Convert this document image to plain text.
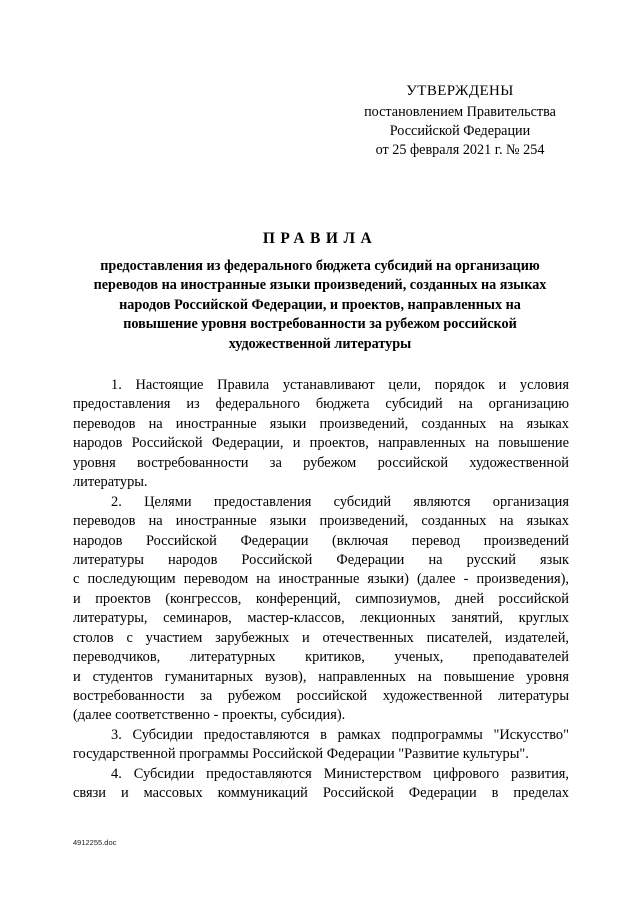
УТВЕРЖДЕНЫ
постановлением Правительства
Российской Федерации
от 25 февраля 2021 г. № 254
ПРАВИЛА
предоставления из федерального бюджета субсидий на организацию
переводов на иностранные языки произведений, созданных на языках
народов Российской Федерации, и проектов, направленных на
повышение уровня востребованности за рубежом российской
художественной литературы
1. Настоящие Правила устанавливают цели, порядок и условия
предоставления из федерального бюджета субсидий на организацию
переводов на иностранные языки произведений, созданных на языках
народов Российской Федерации, и проектов, направленных на повышение
уровня востребованности за рубежом российской художественной
литературы.
2. Целями предоставления субсидий являются организация
переводов на иностранные языки произведений, созданных на языках
народов Российской Федерации (включая перевод произведений
литературы народов Российской Федерации на русский язык
с последующим переводом на иностранные языки) (далее - произведения),
и проектов (конгрессов, конференций, симпозиумов, дней российской
литературы, семинаров, мастер-классов, лекционных занятий, круглых
столов с участием зарубежных и отечественных писателей, издателей,
переводчиков, литературных критиков, ученых, преподавателей
и студентов гуманитарных вузов), направленных на повышение уровня
востребованности за рубежом российской художественной литературы
(далее соответственно - проекты, субсидия).
3. Субсидии предоставляются в рамках подпрограммы "Искусство"
государственной программы Российской Федерации "Развитие культуры".
4. Субсидии предоставляются Министерством цифрового развития,
связи и массовых коммуникаций Российской Федерации в пределах
4912255.doc
